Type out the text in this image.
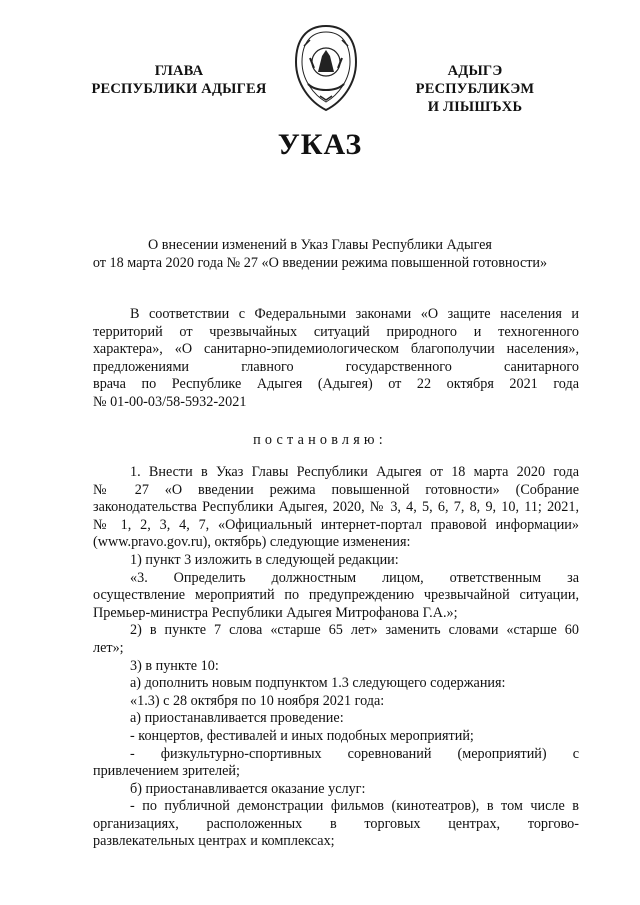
ГЛАВА
РЕСПУБЛИКИ АДЫГЕЯ
АДЫГЭ РЕСПУБЛИКЭМ
И ЛІЫШЪХЬ
УКАЗ
О внесении изменений в Указ Главы Республики Адыгея
от 18 марта 2020 года № 27 «О введении режима повышенной готовности»

В соответствии с Федеральными законами «О защите населения и

территорий от чрезвычайных ситуаций природного и техногенного

характера», «О санитарно-эпидемиологическом благополучии населения»,

предложениями главного государственного санитарного

врача по Республике Адыгея (Адыгея) от 22 октября 2021 года

№ 01-00-03/58-5932-2021

постановляю:

1. Внести в Указ Главы Республики Адыгея от 18 марта 2020 года

№ 27 «О введении режима повышенной готовности» (Собрание

законодательства Республики Адыгея, 2020, № 3, 4, 5, 6, 7, 8, 9, 10, 11; 2021,

№ 1, 2, 3, 4, 7, «Официальный интернет-портал правовой информации»

(www.pravo.gov.ru), октябрь) следующие изменения:

1) пункт 3 изложить в следующей редакции:

«3. Определить должностным лицом, ответственным за

осуществление мероприятий по предупреждению чрезвычайной ситуации,

Премьер-министра Республики Адыгея Митрофанова Г.А.»;

2) в пункте 7 слова «старше 65 лет» заменить словами «старше 60

лет»;

3) в пункте 10:

а) дополнить новым подпунктом 1.3 следующего содержания:

«1.3) с 28 октября по 10 ноября 2021 года:

а) приостанавливается проведение:

- концертов, фестивалей и иных подобных мероприятий;

- физкультурно-спортивных соревнований (мероприятий) с

привлечением зрителей;

б) приостанавливается оказание услуг:

- по публичной демонстрации фильмов (кинотеатров), в том числе в

организациях, расположенных в торговых центрах, торгово-

развлекательных центрах и комплексах;
